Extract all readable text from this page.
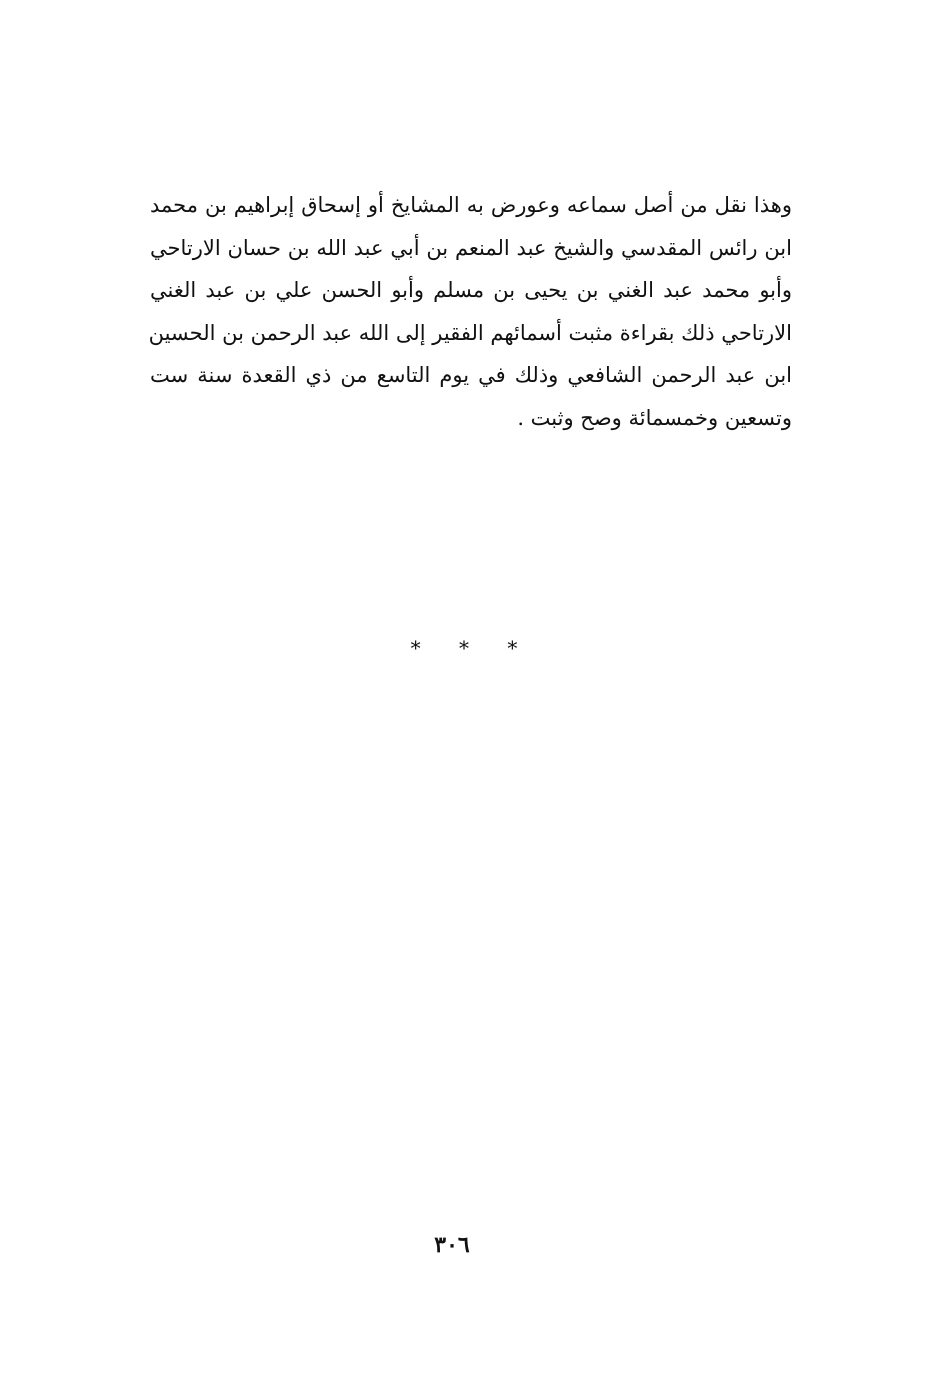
وهذا نقل من أصل سماعه وعورض به المشايخ أو إسحاق إبراهيم بن محمد
ابن رائس المقدسي والشيخ عبد المنعم بن أبي عبد الله بن حسان الارتاحي
وأبو محمد عبد الغني بن يحيى بن مسلم وأبو الحسن علي بن عبد الغني
الارتاحي ذلك بقراءة مثبت أسمائهم الفقير إلى الله عبد الرحمن بن الحسين
ابن عبد الرحمن الشافعي وذلك في يوم التاسع من ذي القعدة سنة ست
وتسعين وخمسمائة وصح وثبت .
* * *
٣٠٦
